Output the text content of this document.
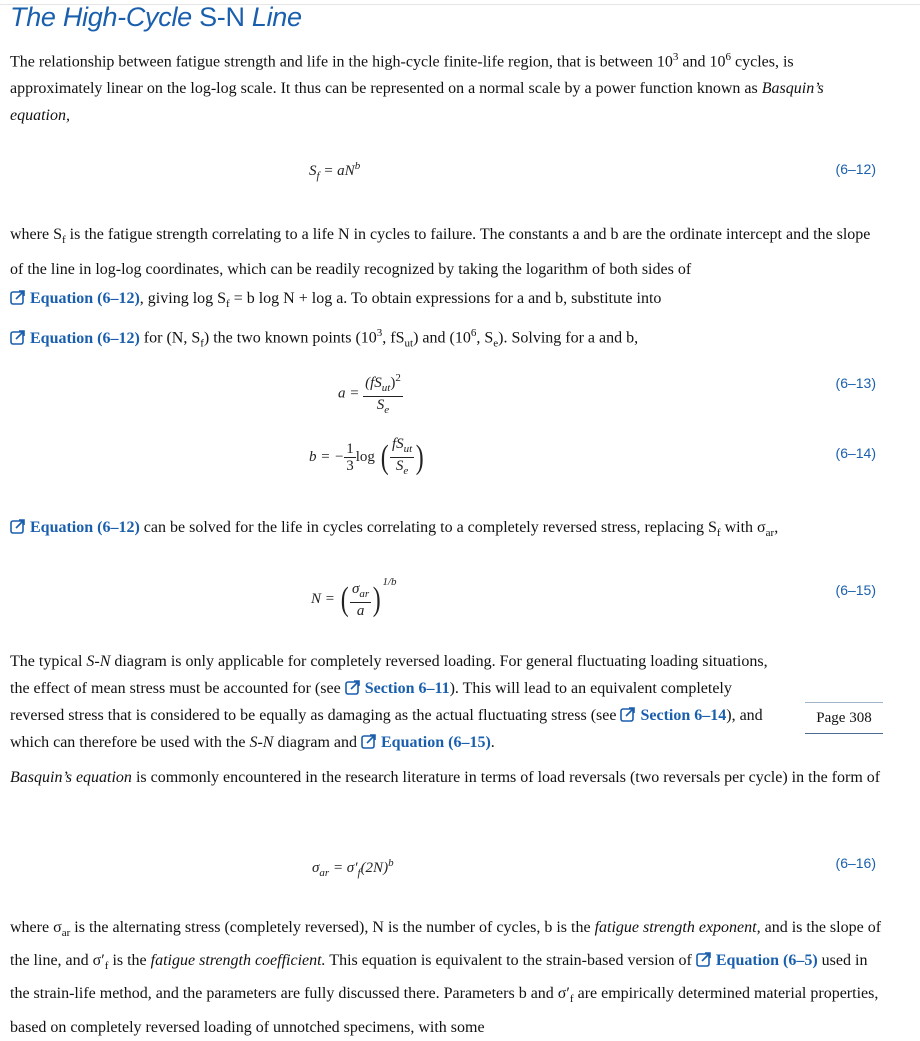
The High-Cycle S-N Line
The relationship between fatigue strength and life in the high-cycle finite-life region, that is between $10^3$ and $10^6$ cycles, is approximately linear on the log-log scale. It thus can be represented on a normal scale by a power function known as Basquin’s equation,
$S_f = aN^b$	(6–12)
where $S_f$ is the fatigue strength correlating to a life N in cycles to failure. The constants a and b are the ordinate intercept and the slope of the line in log-log coordinates, which can be readily recognized by taking the logarithm of both sides of
Equation (6–12), giving $\log S_f = b$ log N + log a. To obtain expressions for a and b, substitute into
Equation (6–12) for (N, $S_f$) the two known points ($10^3$, $fS_{ut}$) and ($10^6$, $S_e$). Solving for a and b,
$a = \frac{(fS_{ut})^2}{S_e}$	(6–13)
b = − $\frac{1}{3}$ log ( $\frac{fS_{ut}}{S_e}$ )	(6–14)
Equation (6–12) can be solved for the life in cycles correlating to a completely reversed stress, replacing $S_f$ with $\sigma_{ar}$,
N = ( $\frac{\sigma_{ar}}{a}$ ) $^{1/b}$	(6–15)
The typical S-N diagram is only applicable for completely reversed loading. For general fluctuating loading situations, the effect of mean stress must be accounted for (see Section 6–11). This will lead to an equivalent completely reversed stress that is considered to be equally as damaging as the actual fluctuating stress (see Section 6–14), and which can therefore be used with the S-N diagram and Equation (6–15).
Page 308
Basquin’s equation is commonly encountered in the research literature in terms of load reversals (two reversals per cycle) in the form of
$\sigma_{ar} = \sigma'_f(2N)^b$	(6–16)
where $\sigma_{ar}$ is the alternating stress (completely reversed), N is the number of cycles, b is the fatigue strength exponent, and is the slope of the line, and $\sigma'_f$ is the fatigue strength coefficient. This equation is equivalent to the strain-based version of Equation (6–5) used in the strain-life method, and the parameters are fully discussed there. Parameters b and $\sigma'_f$ are empirically determined material properties, based on completely reversed loading of unnotched specimens, with some
